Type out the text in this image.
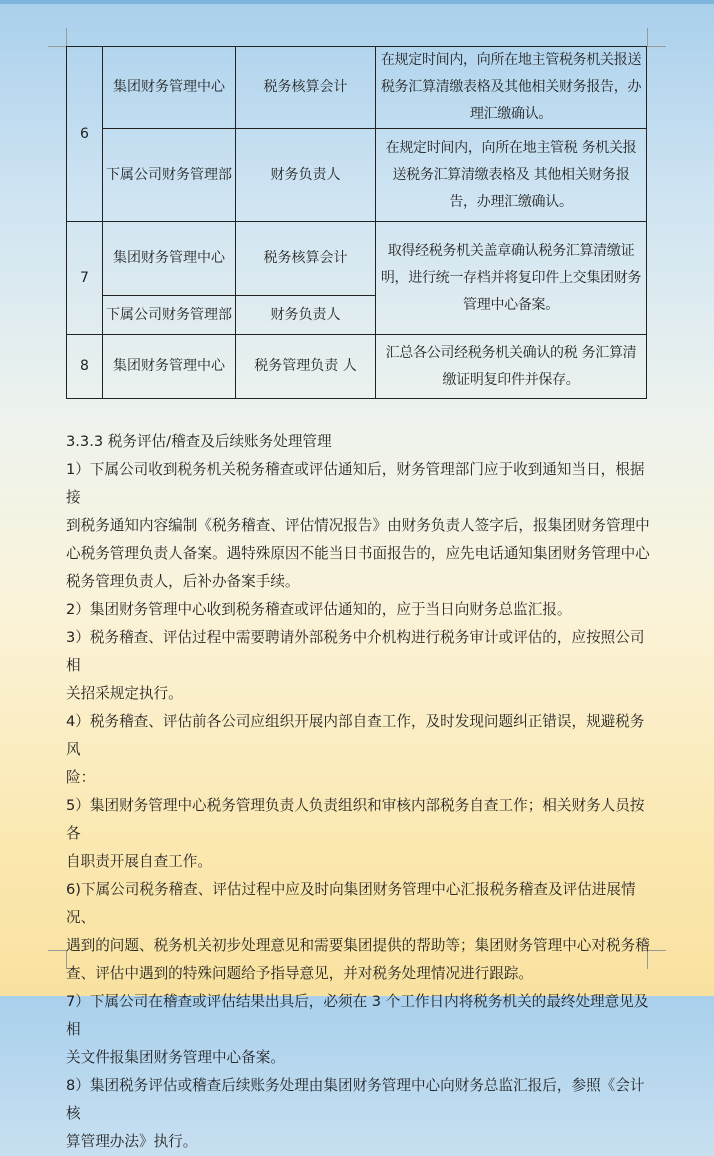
6	集团财务管理中心	税务核算会计	在规定时间内，向所在地主管税务机关报送
税务汇算清缴表格及其他相关财务报告，办
理汇缴确认。

	下属公司财务管理部	财务负责人	在规定时间内，向所在地主管税 务机关报
送税务汇算清缴表格及 其他相关财务报
告，办理汇缴确认。

7	集团财务管理中心	税务核算会计	取得经税务机关盖章确认税务汇算清缴证
明，进行统一存档并将复印件上交集团财务
管理中心备案。

	下属公司财务管理部	财务负责人	
8	集团财务管理中心	税务管理负责 人	汇总各公司经税务机关确认的税 务汇算清
缴证明复印件并保存。
3.3.3 税务评估/稽查及后续账务处理管理
1）下属公司收到税务机关税务稽查或评估通知后，财务管理部门应于收到通知当日，根据接
到税务通知内容编制《税务稽查、评估情况报告》由财务负责人签字后，报集团财务管理中
心税务管理负责人备案。遇特殊原因不能当日书面报告的，应先电话通知集团财务管理中心
税务管理负责人，后补办备案手续。
2）集团财务管理中心收到税务稽查或评估通知的，应于当日向财务总监汇报。
3）税务稽查、评估过程中需要聘请外部税务中介机构进行税务审计或评估的，应按照公司相
关招采规定执行。
4）税务稽查、评估前各公司应组织开展内部自查工作，及时发现问题纠正错误，规避税务风
险：
5）集团财务管理中心税务管理负责人负责组织和审核内部税务自查工作；相关财务人员按各
自职责开展自查工作。
6)下属公司税务稽查、评估过程中应及时向集团财务管理中心汇报税务稽查及评估进展情况、
遇到的问题、税务机关初步处理意见和需要集团提供的帮助等；集团财务管理中心对税务稽
查、评估中遇到的特殊问题给予指导意见，并对税务处理情况进行跟踪。
7）下属公司在稽查或评估结果出具后，必须在 3 个工作日内将税务机关的最终处理意见及相
关文件报集团财务管理中心备案。
8）集团税务评估或稽查后续账务处理由集团财务管理中心向财务总监汇报后，参照《会计核
算管理办法》执行。
